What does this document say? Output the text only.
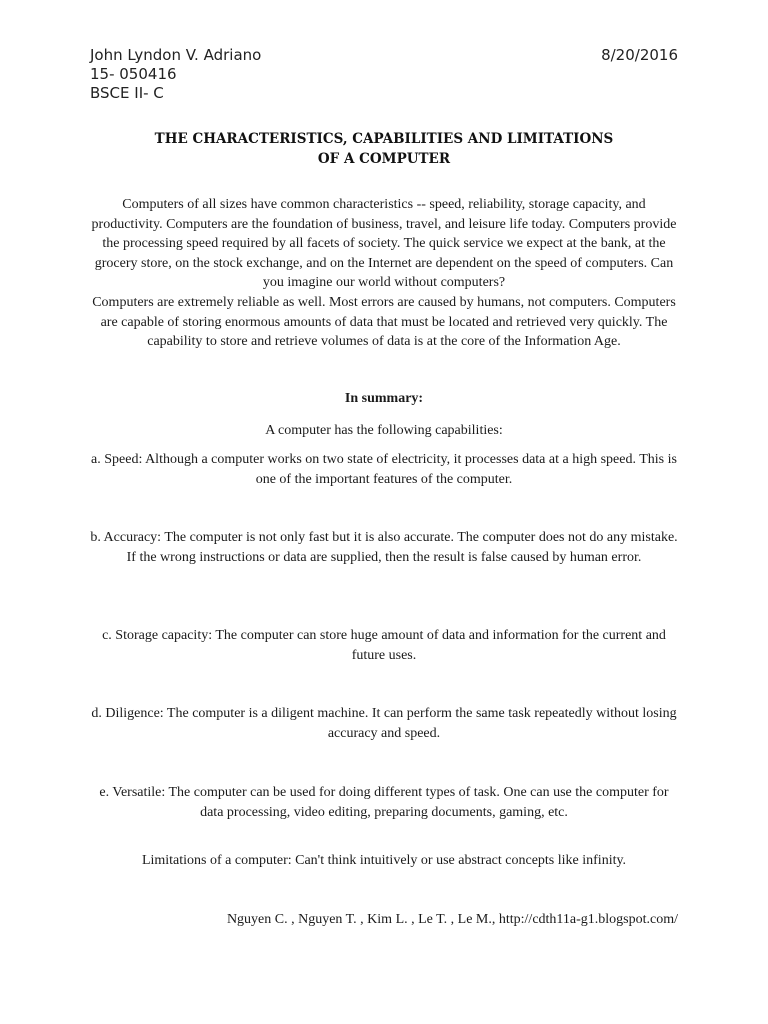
John Lyndon V. Adriano
15- 050416
BSCE II- C
8/20/2016
THE CHARACTERISTICS, CAPABILITIES AND LIMITATIONS OF A COMPUTER

Computers of all sizes have common characteristics -- speed, reliability, storage capacity, and productivity. Computers are the foundation of business, travel, and leisure life today. Computers provide the processing speed required by all facets of society. The quick service we expect at the bank, at the grocery store, on the stock exchange, and on the Internet are dependent on the speed of computers. Can you imagine our world without computers?

Computers are extremely reliable as well. Most errors are caused by humans, not computers. Computers are capable of storing enormous amounts of data that must be located and retrieved very quickly. The capability to store and retrieve volumes of data is at the core of the Information Age.

In summary:
A computer has the following capabilities:
a. Speed: Although a computer works on two state of electricity, it processes data at a high speed. This is one of the important features of the computer.
b. Accuracy: The computer is not only fast but it is also accurate. The computer does not do any mistake. If the wrong instructions or data are supplied, then the result is false caused by human error.
c. Storage capacity: The computer can store huge amount of data and information for the current and future uses.
d. Diligence: The computer is a diligent machine. It can perform the same task repeatedly without losing accuracy and speed.
e. Versatile: The computer can be used for doing different types of task. One can use the computer for data processing, video editing, preparing documents, gaming, etc.
Limitations of a computer: Can't think intuitively or use abstract concepts like infinity.
Nguyen C. , Nguyen T. , Kim L. , Le T. , Le M., http://cdth11a-g1.blogspot.com/
